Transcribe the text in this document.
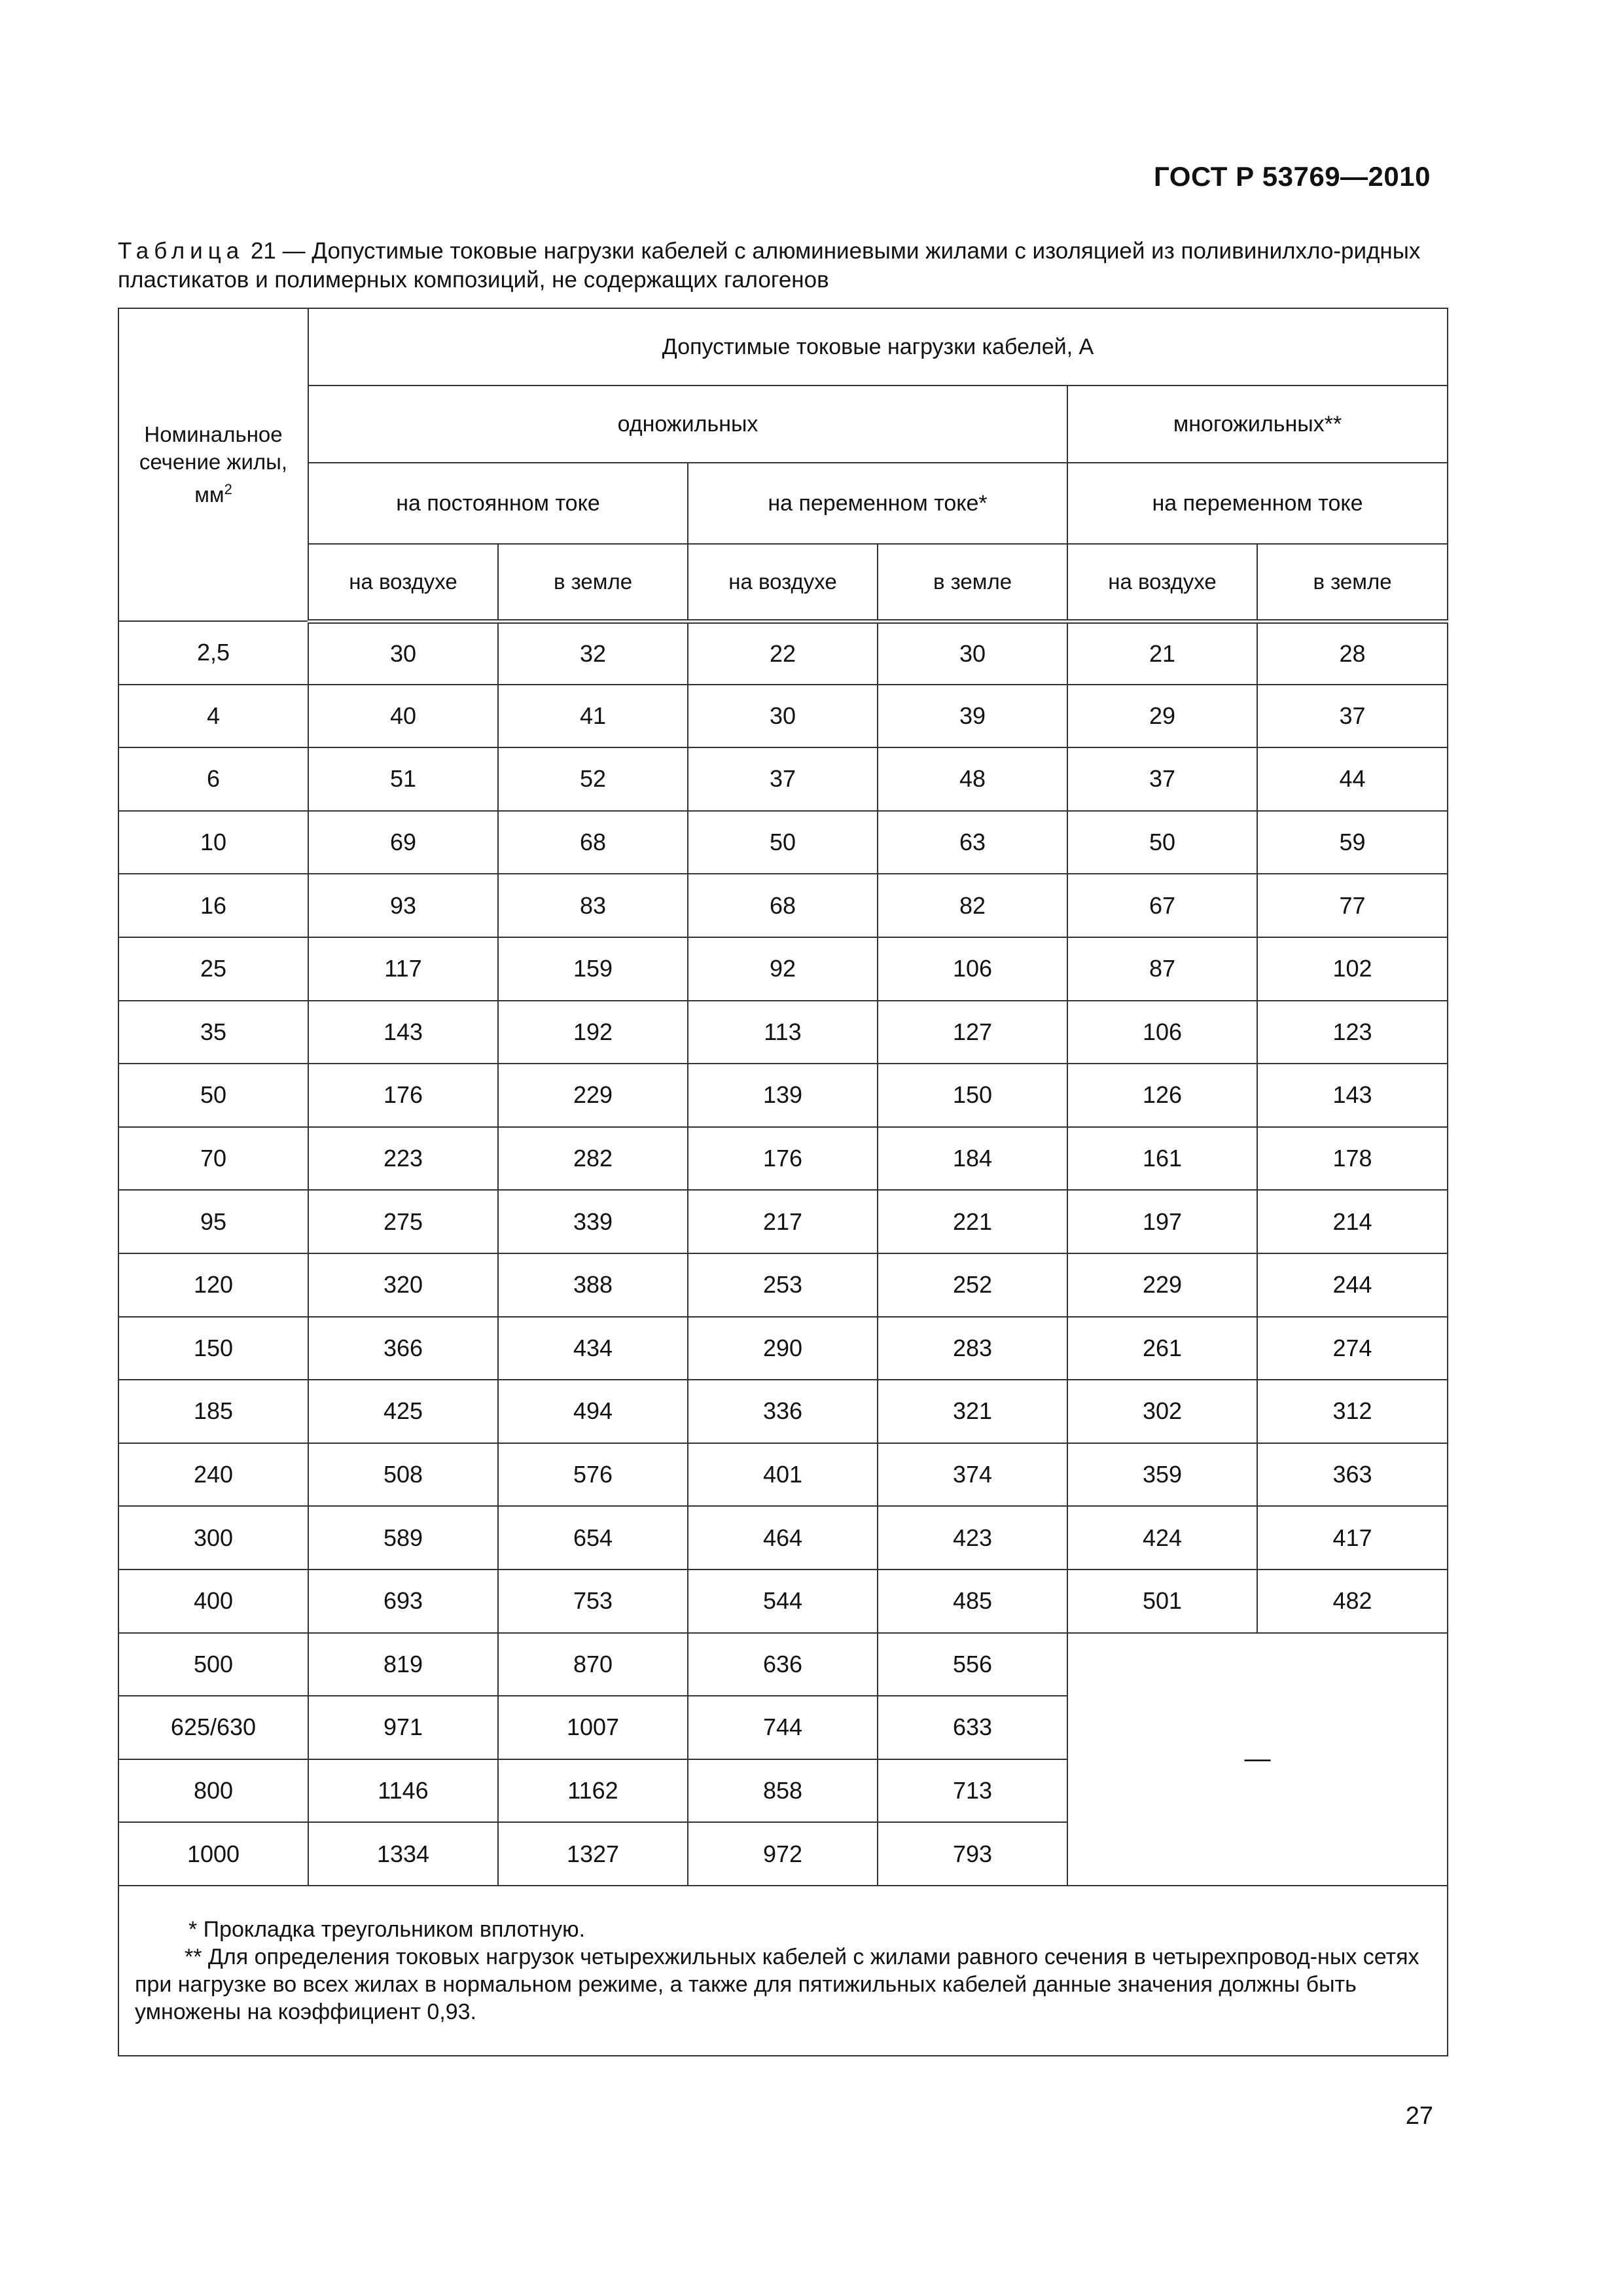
ГОСТ Р 53769—2010
Таблица 21 — Допустимые токовые нагрузки кабелей с алюминиевыми жилами с изоляцией из поливинилхло-ридных пластикатов и полимерных композиций, не содержащих галогенов
Номинальное сечение жилы, $мм^2$	Допустимые токовые нагрузки кабелей, А					
	одножильных				многожильных**	
	на постоянном токе		на переменном токе*		на переменном токе	
	на воздухе	в земле	на воздухе	в земле	на воздухе	в земле
2,5	30	32	22	30	21	28
4	40	41	30	39	29	37
6	51	52	37	48	37	44
10	69	68	50	63	50	59
16	93	83	68	82	67	77
25	117	159	92	106	87	102
35	143	192	113	127	106	123
50	176	229	139	150	126	143
70	223	282	176	184	161	178
95	275	339	217	221	197	214
120	320	388	253	252	229	244
150	366	434	290	283	261	274
185	425	494	336	321	302	312
240	508	576	401	374	359	363
300	589	654	464	423	424	417
400	693	753	544	485	501	482
500	819	870	636	556	—	
625/630	971	1007	744	633		
800	1146	1162	858	713		
1000	1334	1327	972	793		

* Прокладка треугольником вплотную.
** Для определения токовых нагрузок четырехжильных кабелей с жилами равного сечения в четырехпровод-ных сетях при нагрузке во всех жилах в нормальном режиме, а также для пятижильных кабелей данные значения должны быть умножены на коэффициент 0,93.						
27
